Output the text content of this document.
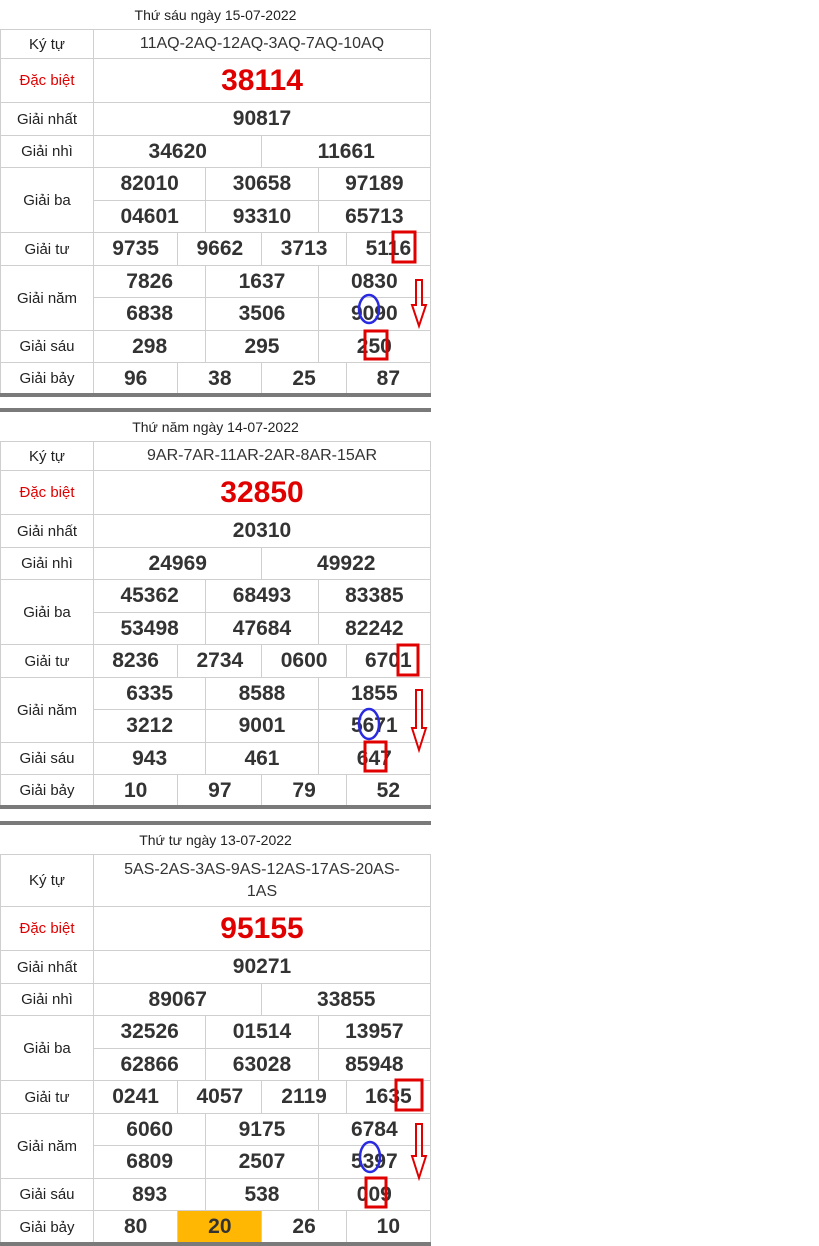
Thứ sáu ngày 15-07-2022
Ký tự	11AQ-2AQ-12AQ-3AQ-7AQ-10AQ					
Đặc biệt	38114					
Giải nhất	90817					
Giải nhì	34620			11661		
Giải ba	82010		30658		97189	
	04601		93310		65713	
Giải tư	9735	9662		3713		5116
Giải năm	7826		1637		0830	
	6838		3506		9090	
Giải sáu	298		295		250	
Giải bảy	96	38		25		87
Thứ năm ngày 14-07-2022
Ký tự	9AR-7AR-11AR-2AR-8AR-15AR					
Đặc biệt	32850					
Giải nhất	20310					
Giải nhì	24969			49922		
Giải ba	45362		68493		83385	
	53498		47684		82242	
Giải tư	8236	2734		0600		6701
Giải năm	6335		8588		1855	
	3212		9001		5671	
Giải sáu	943		461		647	
Giải bảy	10	97		79		52
Thứ tư ngày 13-07-2022
Ký tự	5AS-2AS-3AS-9AS-12AS-17AS-20AS-1AS					

Đặc biệt	95155					
Giải nhất	90271					
Giải nhì	89067			33855		
Giải ba	32526		01514		13957	
	62866		63028		85948	
Giải tư	0241	4057		2119		1635
Giải năm	6060		9175		6784	
	6809		2507		5397	
Giải sáu	893		538		009	
Giải bảy	80	20		26		10
